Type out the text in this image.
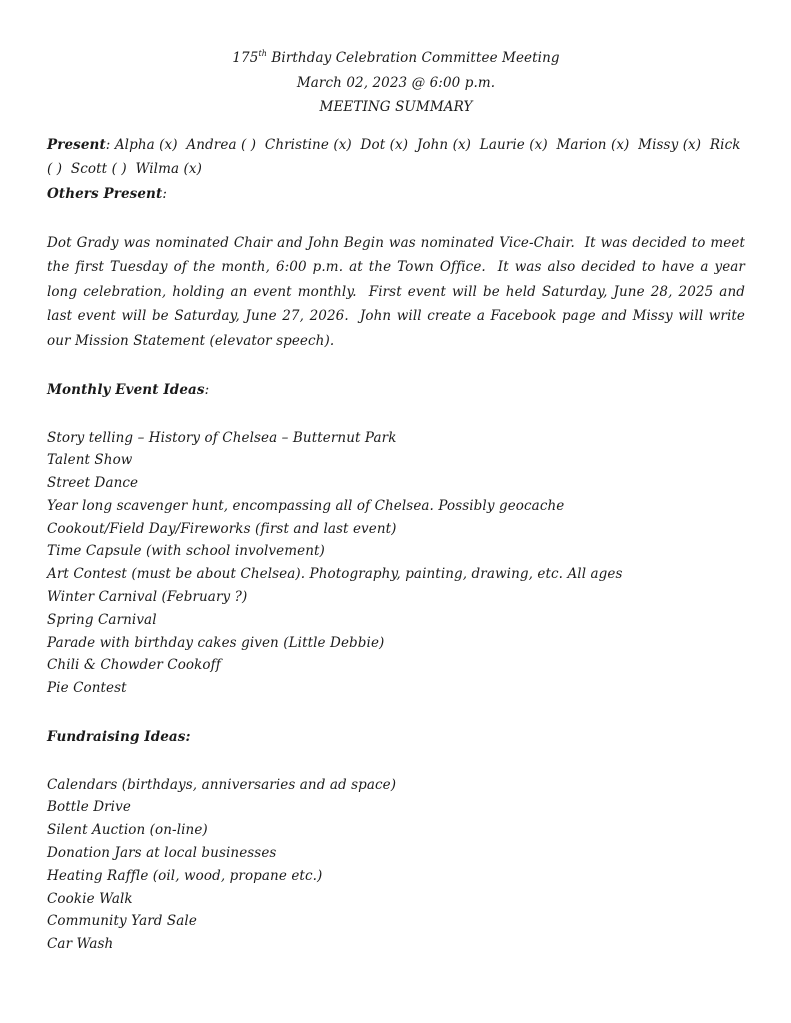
175th Birthday Celebration Committee Meeting
March 02, 2023 @ 6:00 p.m.
MEETING SUMMARY

Present: Alpha (x)  Andrea ( )  Christine (x)  Dot (x)  John (x)  Laurie (x)  Marion (x)  Missy (x)  Rick ( )  Scott ( )  Wilma (x)

Others Present:

Dot Grady was nominated Chair and John Begin was nominated Vice-Chair.  It was decided to meet the first Tuesday of the month, 6:00 p.m. at the Town Office.  It was also decided to have a year long celebration, holding an event monthly.  First event will be held Saturday, June 28, 2025 and last event will be Saturday, June 27, 2026.  John will create a Facebook page and Missy will write our Mission Statement (elevator speech).

Monthly Event Ideas:

Story telling – History of Chelsea – Butternut Park
Talent Show
Street Dance
Year long scavenger hunt, encompassing all of Chelsea. Possibly geocache
Cookout/Field Day/Fireworks (first and last event)
Time Capsule (with school involvement)
Art Contest (must be about Chelsea). Photography, painting, drawing, etc. All ages
Winter Carnival (February ?)
Spring Carnival
Parade with birthday cakes given (Little Debbie)
Chili & Chowder Cookoff
Pie Contest

Fundraising Ideas:

Calendars (birthdays, anniversaries and ad space)
Bottle Drive
Silent Auction (on-line)
Donation Jars at local businesses
Heating Raffle (oil, wood, propane etc.)
Cookie Walk
Community Yard Sale
Car Wash
